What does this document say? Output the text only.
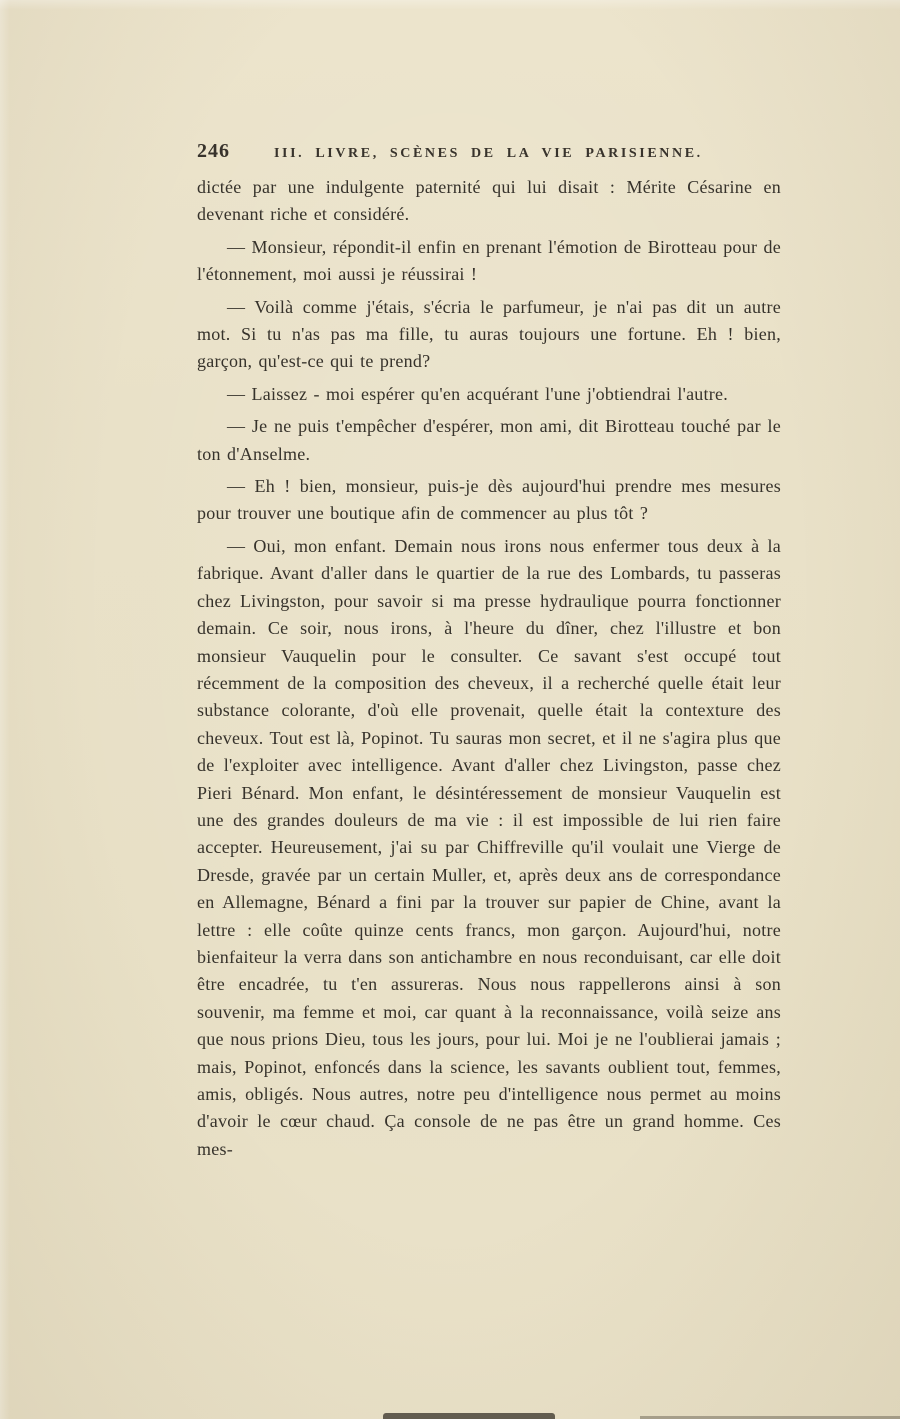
246	III. LIVRE, SCÈNES DE LA VIE PARISIENNE.

dictée par une indulgente paternité qui lui disait : Mérite Césarine en devenant riche et considéré.

— Monsieur, répondit-il enfin en prenant l'émotion de Birotteau pour de l'étonnement, moi aussi je réussirai !

— Voilà comme j'étais, s'écria le parfumeur, je n'ai pas dit un autre mot. Si tu n'as pas ma fille, tu auras toujours une fortune. Eh ! bien, garçon, qu'est-ce qui te prend?

— Laissez - moi espérer qu'en acquérant l'une j'obtiendrai l'autre.

— Je ne puis t'empêcher d'espérer, mon ami, dit Birotteau touché par le ton d'Anselme.

— Eh ! bien, monsieur, puis-je dès aujourd'hui prendre mes mesures pour trouver une boutique afin de commencer au plus tôt ?

— Oui, mon enfant. Demain nous irons nous enfermer tous deux à la fabrique. Avant d'aller dans le quartier de la rue des Lombards, tu passeras chez Livingston, pour savoir si ma presse hydraulique pourra fonctionner demain. Ce soir, nous irons, à l'heure du dîner, chez l'illustre et bon monsieur Vauquelin pour le consulter. Ce savant s'est occupé tout récemment de la composition des cheveux, il a recherché quelle était leur substance colorante, d'où elle provenait, quelle était la contexture des cheveux. Tout est là, Popinot. Tu sauras mon secret, et il ne s'agira plus que de l'exploiter avec intelligence. Avant d'aller chez Livingston, passe chez Pieri Bénard. Mon enfant, le désintéressement de monsieur Vauquelin est une des grandes douleurs de ma vie : il est impossible de lui rien faire accepter. Heureusement, j'ai su par Chiffreville qu'il voulait une Vierge de Dresde, gravée par un certain Muller, et, après deux ans de correspondance en Allemagne, Bénard a fini par la trouver sur papier de Chine, avant la lettre : elle coûte quinze cents francs, mon garçon. Aujourd'hui, notre bienfaiteur la verra dans son antichambre en nous reconduisant, car elle doit être encadrée, tu t'en assureras. Nous nous rappellerons ainsi à son souvenir, ma femme et moi, car quant à la reconnaissance, voilà seize ans que nous prions Dieu, tous les jours, pour lui. Moi je ne l'oublierai jamais ; mais, Popinot, enfoncés dans la science, les savants oublient tout, femmes, amis, obligés. Nous autres, notre peu d'intelligence nous permet au moins d'avoir le cœur chaud. Ça console de ne pas être un grand homme. Ces mes-
